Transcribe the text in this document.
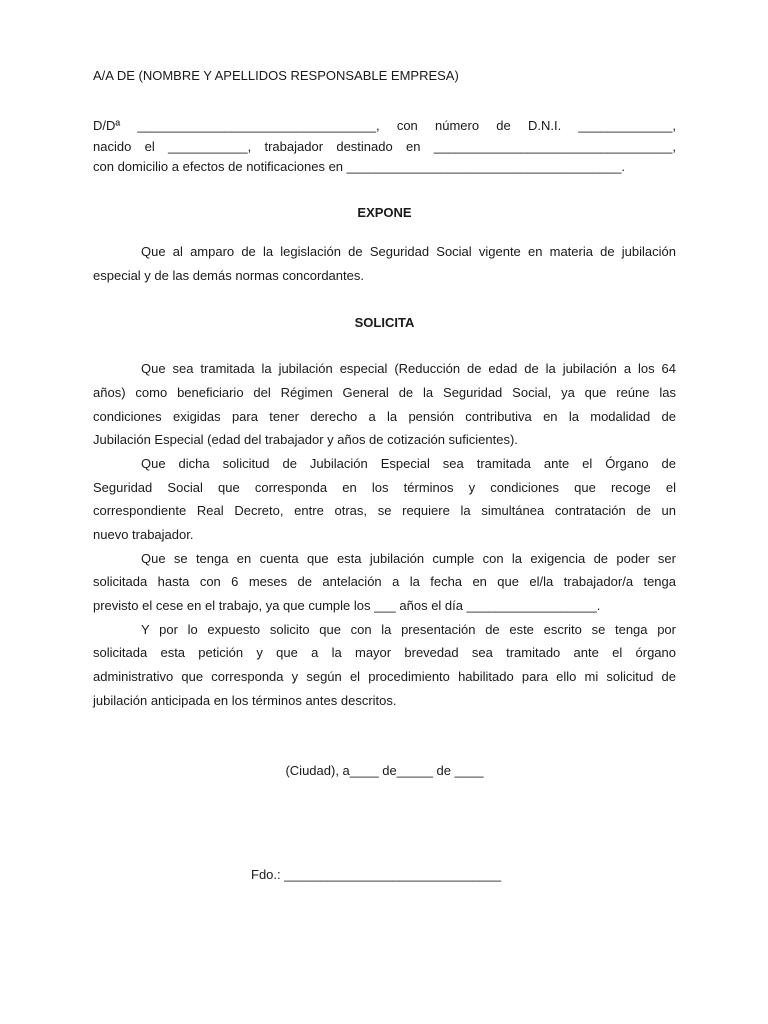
A/A DE (NOMBRE Y APELLIDOS RESPONSABLE EMPRESA)
D/Dª _________________________________, con número de D.N.I. _____________,
nacido el ___________, trabajador destinado en _________________________________,
con domicilio a efectos de notificaciones en ______________________________________.
EXPONE
Que al amparo de la legislación de Seguridad Social vigente en materia de jubilación
especial y de las demás normas concordantes.
SOLICITA
Que sea tramitada la jubilación especial (Reducción de edad de la jubilación a los 64
años) como beneficiario del Régimen General de la Seguridad Social, ya que reúne las
condiciones exigidas para tener derecho a la pensión contributiva en la modalidad de
Jubilación Especial (edad del trabajador y años de cotización suficientes).
Que dicha solicitud de Jubilación Especial sea tramitada ante el Órgano de
Seguridad Social que corresponda en los términos y condiciones que recoge el
correspondiente Real Decreto, entre otras, se requiere la simultánea contratación de un
nuevo trabajador.
Que se tenga en cuenta que esta jubilación cumple con la exigencia de poder ser
solicitada hasta con 6 meses de antelación a la fecha en que el/la trabajador/a tenga
previsto el cese en el trabajo, ya que cumple los ___ años el día __________________.
Y por lo expuesto solicito que con la presentación de este escrito se tenga por
solicitada esta petición y que a la mayor brevedad sea tramitado ante el órgano
administrativo que corresponda y según el procedimiento habilitado para ello mi solicitud de
jubilación anticipada en los términos antes descritos.
(Ciudad), a____ de_____ de ____
Fdo.: ______________________________
